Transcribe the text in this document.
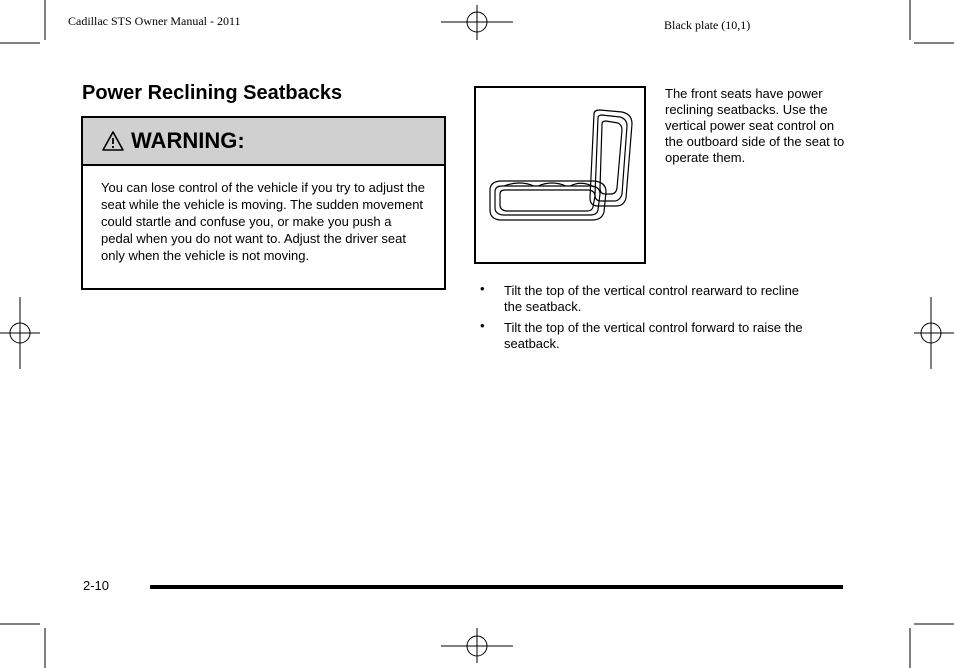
Cadillac STS Owner Manual - 2011	Black plate (10,1)
Power Reclining Seatbacks
WARNING:
You can lose control of the vehicle if you try to adjust the seat while the vehicle is moving. The sudden movement could startle and confuse you, or make you push a pedal when you do not want to. Adjust the driver seat only when the vehicle is not moving.
The front seats have power reclining seatbacks. Use the vertical power seat control on the outboard side of the seat to operate them.
• Tilt the top of the vertical control rearward to recline the seatback.
• Tilt the top of the vertical control forward to raise the seatback.
2-10
